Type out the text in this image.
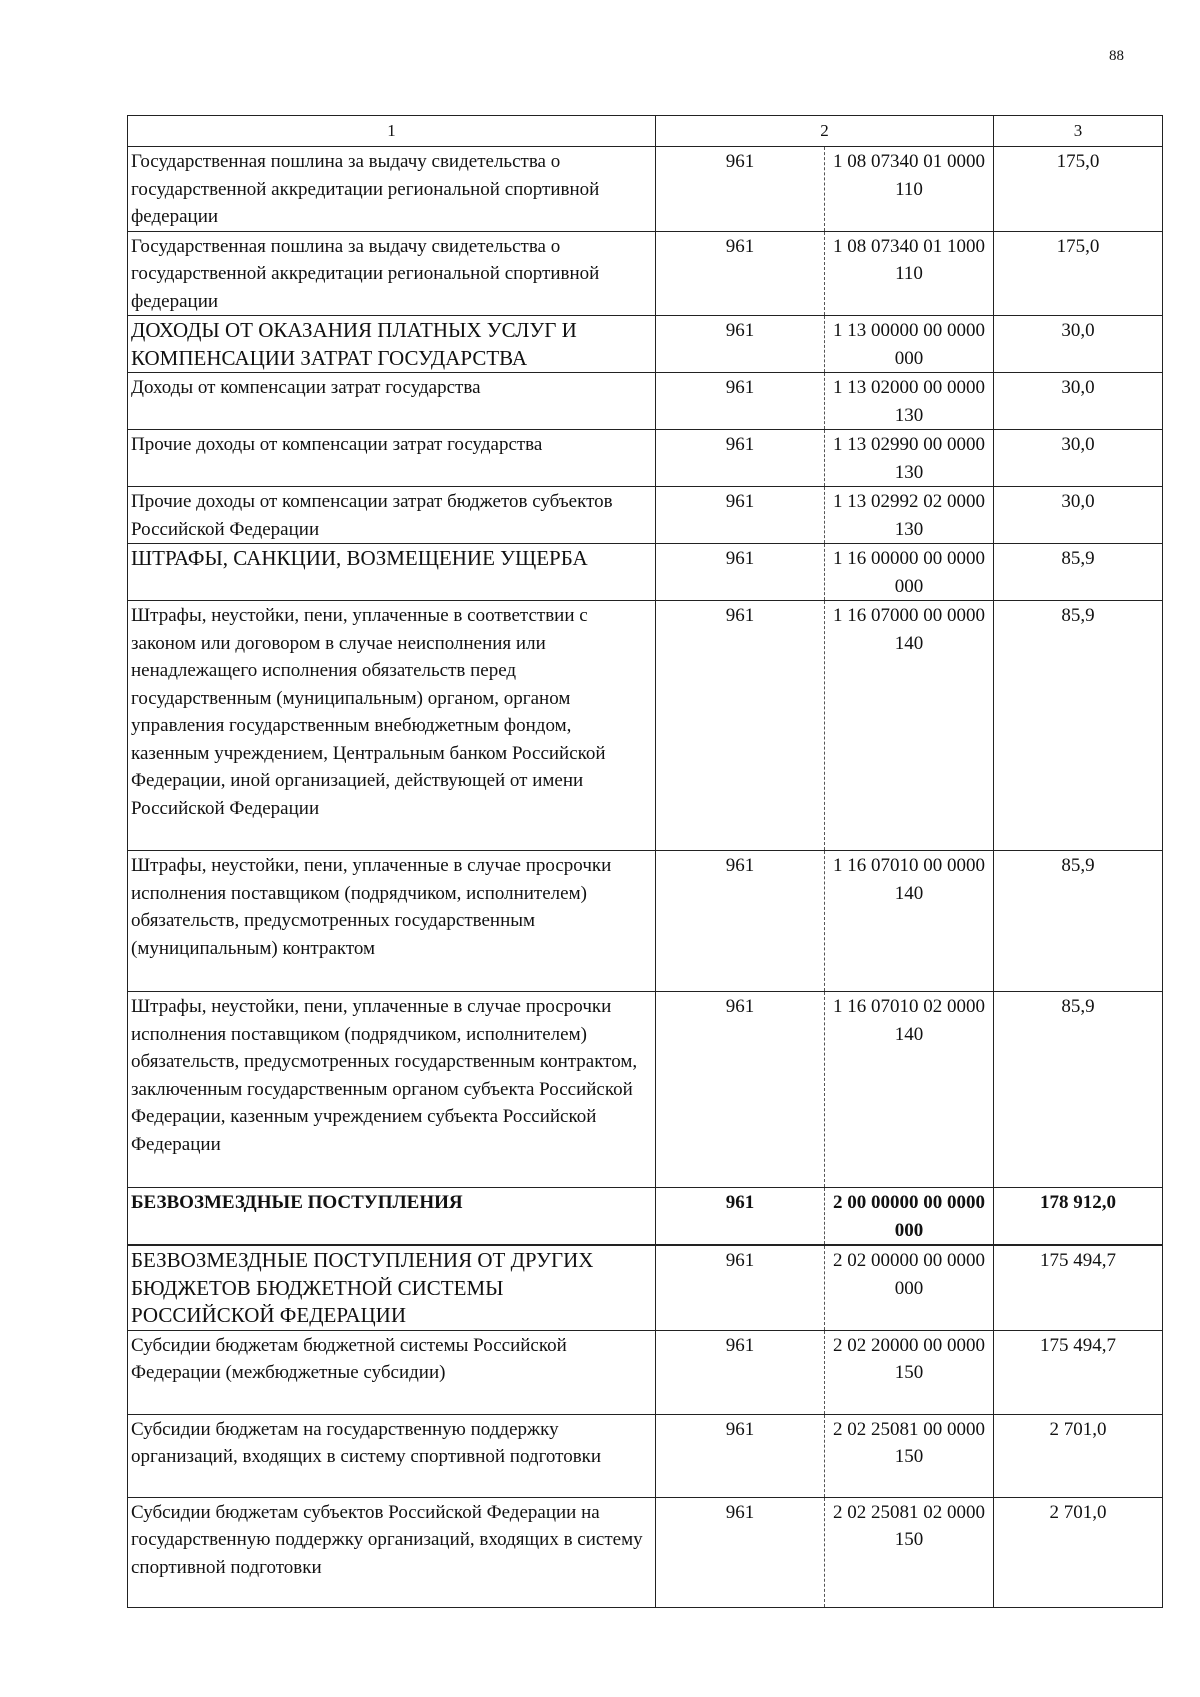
88
1	2		3
Государственная пошлина за выдачу свидетельства о государственной аккредитации региональной спортивной федерации	961	1 08 07340 01 0000 110	175,0
Государственная пошлина за выдачу свидетельства о государственной аккредитации региональной спортивной федерации	961	1 08 07340 01 1000 110	175,0
ДОХОДЫ ОТ ОКАЗАНИЯ ПЛАТНЫХ УСЛУГ И КОМПЕНСАЦИИ ЗАТРАТ ГОСУДАРСТВА	961	1 13 00000 00 0000 000	30,0
Доходы от компенсации затрат государства	961	1 13 02000 00 0000 130	30,0
Прочие доходы от компенсации затрат государства	961	1 13 02990 00 0000 130	30,0
Прочие доходы от компенсации затрат бюджетов субъектов Российской Федерации	961	1 13 02992 02 0000 130	30,0
ШТРАФЫ, САНКЦИИ, ВОЗМЕЩЕНИЕ УЩЕРБА	961	1 16 00000 00 0000 000	85,9
Штрафы, неустойки, пени, уплаченные в соответствии с законом или договором в случае неисполнения или ненадлежащего исполнения обязательств перед государственным (муниципальным) органом, органом управления государственным внебюджетным фондом, казенным учреждением, Центральным банком Российской Федерации, иной организацией, действующей от имени Российской Федерации	961	1 16 07000 00 0000 140	85,9
Штрафы, неустойки, пени, уплаченные в случае просрочки исполнения поставщиком (подрядчиком, исполнителем) обязательств, предусмотренных государственным (муниципальным) контрактом	961	1 16 07010 00 0000 140	85,9
Штрафы, неустойки, пени, уплаченные в случае просрочки исполнения поставщиком (подрядчиком, исполнителем) обязательств, предусмотренных государственным контрактом, заключенным государственным органом субъекта Российской Федерации, казенным учреждением субъекта Российской Федерации	961	1 16 07010 02 0000 140	85,9
БЕЗВОЗМЕЗДНЫЕ ПОСТУПЛЕНИЯ	961	2 00 00000 00 0000 000	178 912,0
БЕЗВОЗМЕЗДНЫЕ ПОСТУПЛЕНИЯ ОТ ДРУГИХ БЮДЖЕТОВ БЮДЖЕТНОЙ СИСТЕМЫ РОССИЙСКОЙ ФЕДЕРАЦИИ	961	2 02 00000 00 0000 000	175 494,7
Субсидии бюджетам бюджетной системы Российской Федерации (межбюджетные субсидии)	961	2 02 20000 00 0000 150	175 494,7
Субсидии бюджетам на государственную поддержку организаций, входящих в систему спортивной подготовки	961	2 02 25081 00 0000 150	2 701,0
Субсидии бюджетам субъектов Российской Федерации на государственную поддержку организаций, входящих в систему спортивной подготовки	961	2 02 25081 02 0000 150	2 701,0
